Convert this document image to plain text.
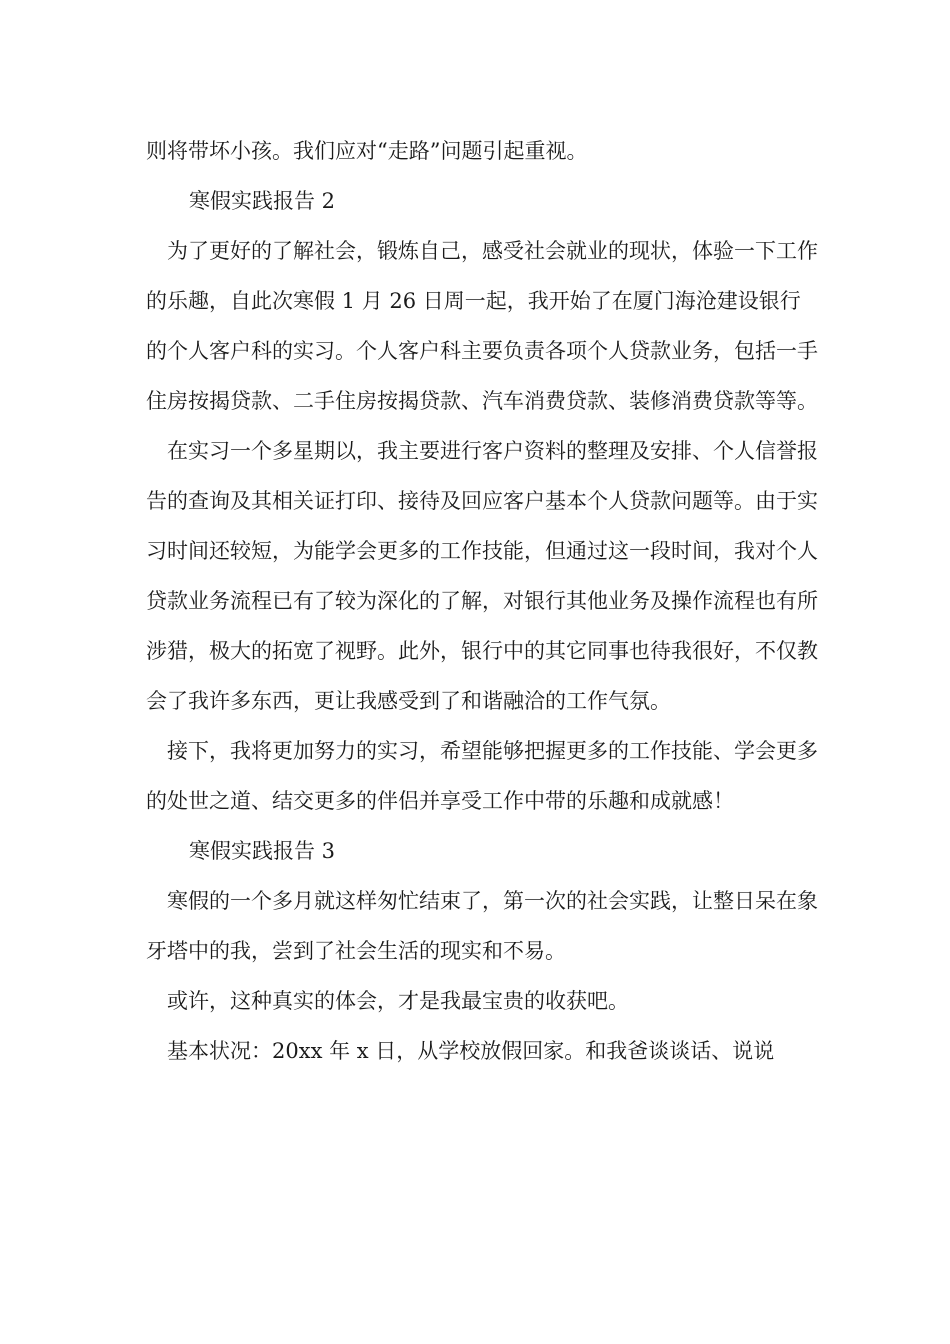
则将带坏小孩。我们应对“走路”问题引起重视。

寒假实践报告 2

为了更好的了解社会，锻炼自己，感受社会就业的现状，体验一下工作的乐趣，自此次寒假 1 月 26 日周一起，我开始了在厦门海沧建设银行的个人客户科的实习。个人客户科主要负责各项个人贷款业务，包括一手住房按揭贷款、二手住房按揭贷款、汽车消费贷款、装修消费贷款等等。

在实习一个多星期以，我主要进行客户资料的整理及安排、个人信誉报告的查询及其相关证打印、接待及回应客户基本个人贷款问题等。由于实习时间还较短，为能学会更多的工作技能，但通过这一段时间，我对个人贷款业务流程已有了较为深化的了解，对银行其他业务及操作流程也有所涉猎，极大的拓宽了视野。此外，银行中的其它同事也待我很好，不仅教会了我许多东西，更让我感受到了和谐融洽的工作气氛。

接下，我将更加努力的实习，希望能够把握更多的工作技能、学会更多的处世之道、结交更多的伴侣并享受工作中带的乐趣和成就感！

寒假实践报告 3

寒假的一个多月就这样匆忙结束了，第一次的社会实践，让整日呆在象牙塔中的我，尝到了社会生活的现实和不易。

或许，这种真实的体会，才是我最宝贵的收获吧。

基本状况：20xx 年 x 日，从学校放假回家。和我爸谈谈话、说说
